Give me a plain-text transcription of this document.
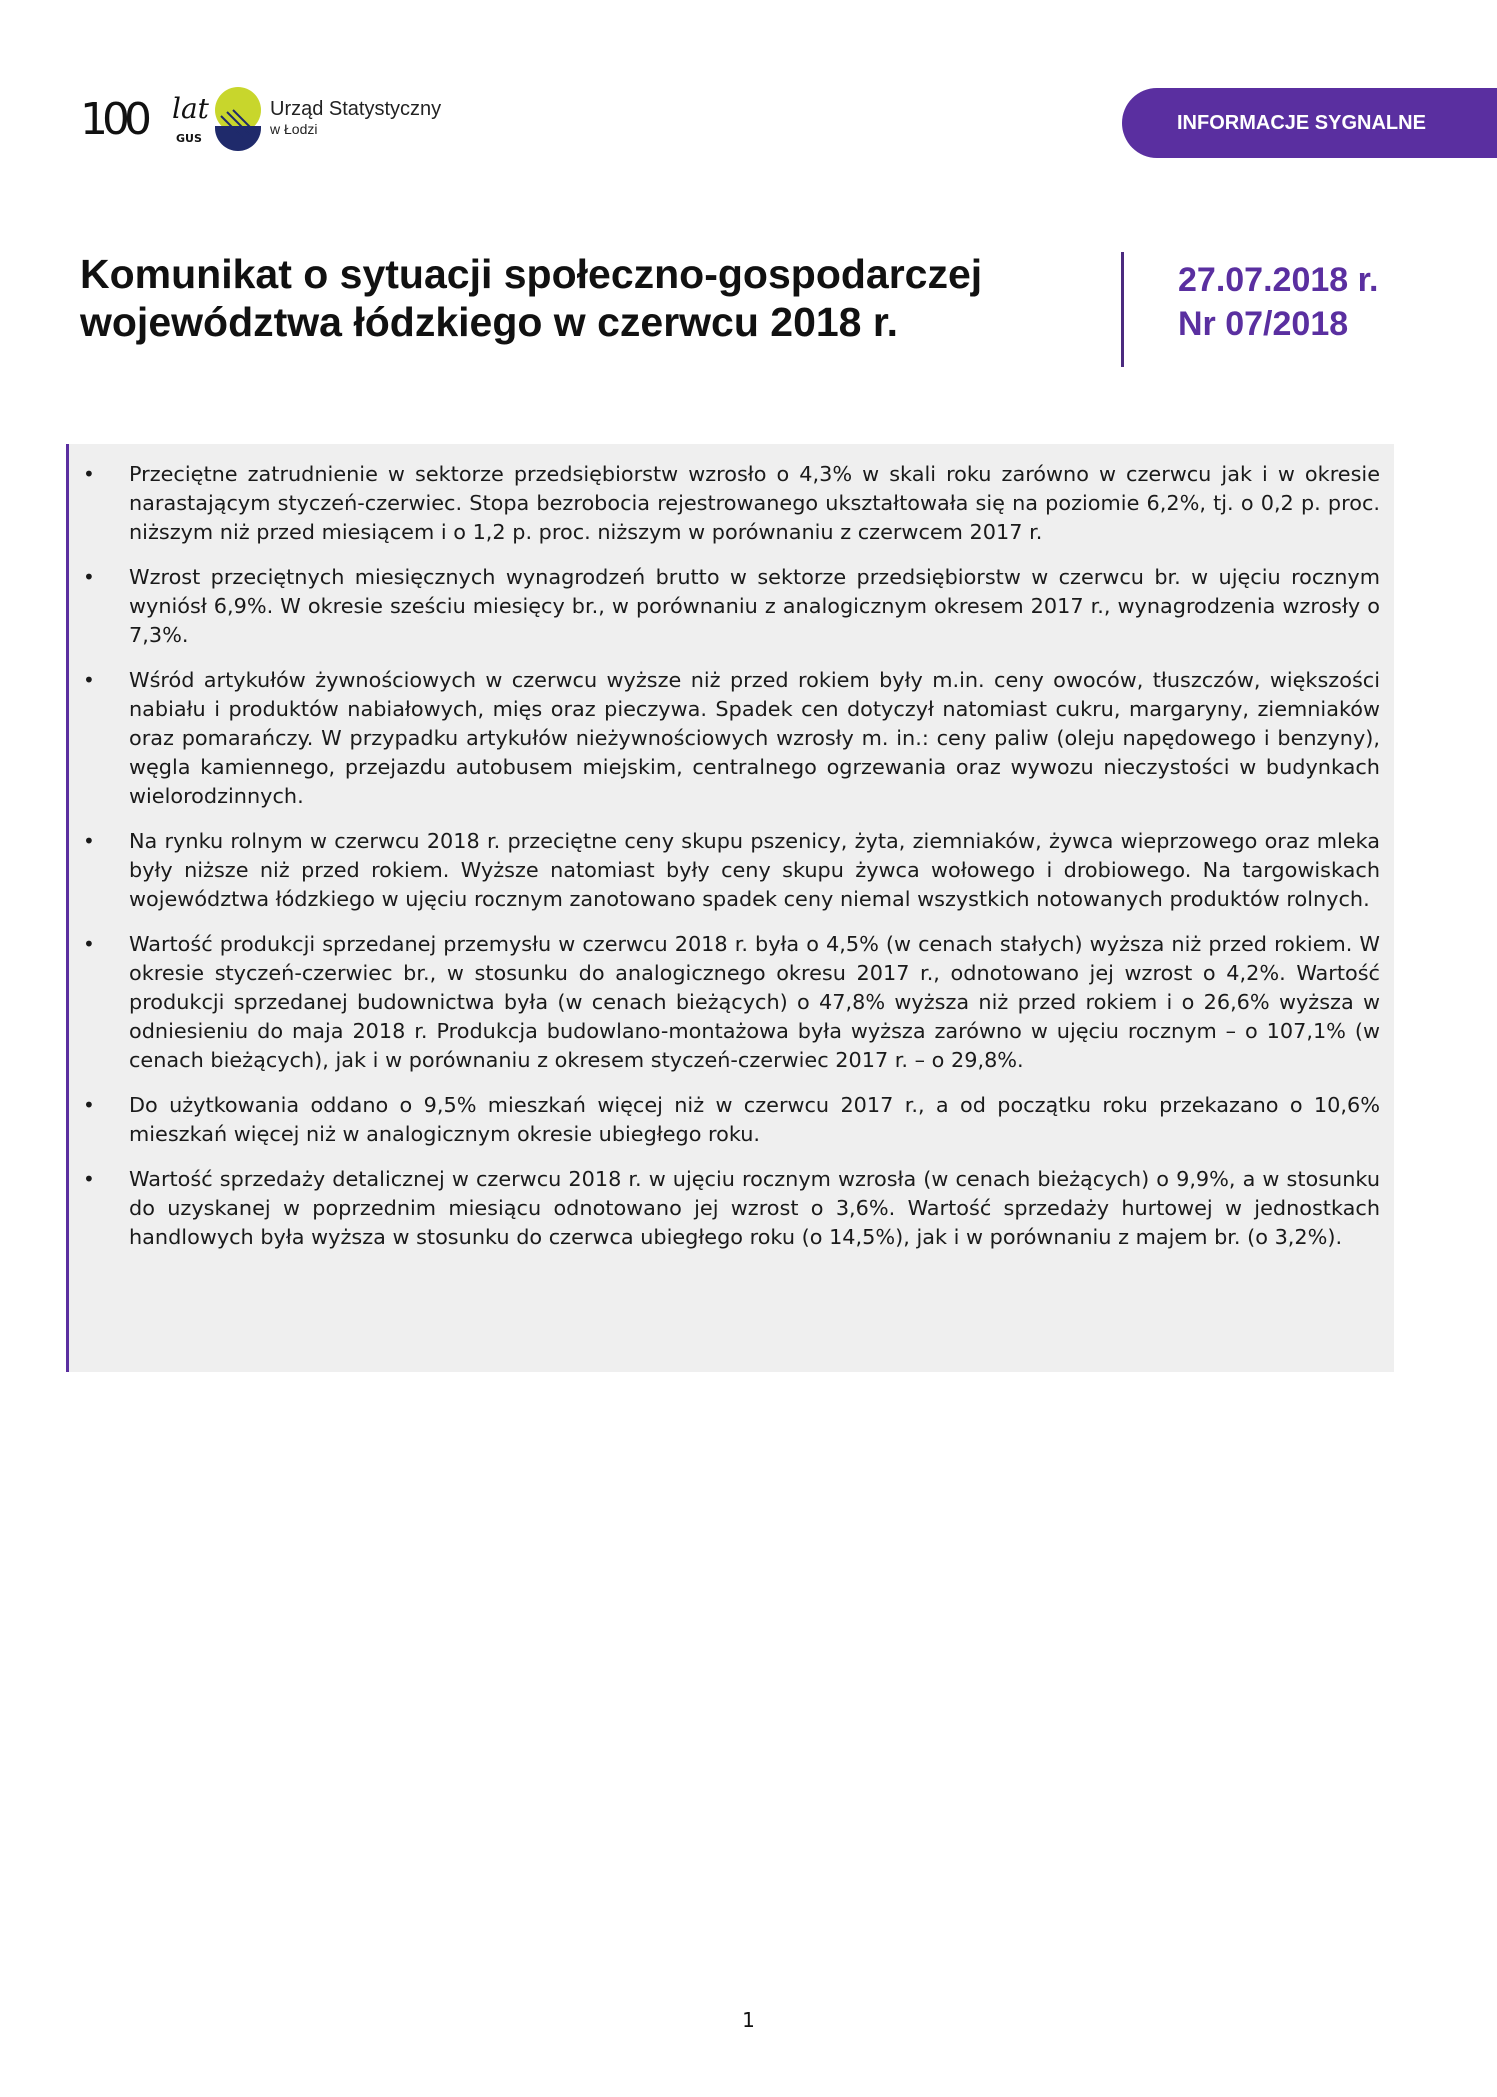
100 lat
GUS
Urząd Statystyczny
w Łodzi	INFORMACJE SYGNALNE
Komunikat o sytuacji społeczno-gospodarczej
województwa łódzkiego w czerwcu 2018 r.
27.07.2018 r.
Nr 07/2018
• Przeciętne zatrudnienie w sektorze przedsiębiorstw wzrosło o 4,3% w skali roku zarówno w czerwcu jak i w okresie narastającym styczeń-czerwiec. Stopa bezrobocia rejestrowanego ukształtowała się na poziomie 6,2%, tj. o 0,2 p. proc. niższym niż przed miesiącem i o 1,2 p. proc. niższym w porównaniu z czerwcem 2017 r.
• Wzrost przeciętnych miesięcznych wynagrodzeń brutto w sektorze przedsiębiorstw w czerwcu br. w ujęciu rocznym wyniósł 6,9%. W okresie sześciu miesięcy br., w porównaniu z analogicznym okresem 2017 r., wynagrodzenia wzrosły o 7,3%.
• Wśród artykułów żywnościowych w czerwcu wyższe niż przed rokiem były m.in. ceny owoców, tłuszczów, większości nabiału i produktów nabiałowych, mięs oraz pieczywa. Spadek cen dotyczył natomiast cukru, margaryny, ziemniaków oraz pomarańczy. W przypadku artykułów nieżywnościowych wzrosły m. in.: ceny paliw (oleju napędowego i benzyny), węgla kamiennego, przejazdu autobusem miejskim, centralnego ogrzewania oraz wywozu nieczystości w budynkach wielorodzinnych.
• Na rynku rolnym w czerwcu 2018 r. przeciętne ceny skupu pszenicy, żyta, ziemniaków, żywca wieprzowego oraz mleka były niższe niż przed rokiem. Wyższe natomiast były ceny skupu żywca wołowego i drobiowego. Na targowiskach województwa łódzkiego w ujęciu rocznym zanotowano spadek ceny niemal wszystkich notowanych produktów rolnych.
• Wartość produkcji sprzedanej przemysłu w czerwcu 2018 r. była o 4,5% (w cenach stałych) wyższa niż przed rokiem. W okresie styczeń-czerwiec br., w stosunku do analogicznego okresu 2017 r., odnotowano jej wzrost o 4,2%. Wartość produkcji sprzedanej budownictwa była (w cenach bieżących) o 47,8% wyższa niż przed rokiem i o 26,6% wyższa w odniesieniu do maja 2018 r. Produkcja budowlano-montażowa była wyższa zarówno w ujęciu rocznym – o 107,1% (w cenach bieżących), jak i w porównaniu z okresem styczeń-czerwiec 2017 r. – o 29,8%.
• Do użytkowania oddano o 9,5% mieszkań więcej niż w czerwcu 2017 r., a od początku roku przekazano o 10,6% mieszkań więcej niż w analogicznym okresie ubiegłego roku.
• Wartość sprzedaży detalicznej w czerwcu 2018 r. w ujęciu rocznym wzrosła (w cenach bieżących) o 9,9%, a w stosunku do uzyskanej w poprzednim miesiącu odnotowano jej wzrost o 3,6%. Wartość sprzedaży hurtowej w jednostkach handlowych była wyższa w stosunku do czerwca ubiegłego roku (o 14,5%), jak i w porównaniu z majem br. (o 3,2%).
1
